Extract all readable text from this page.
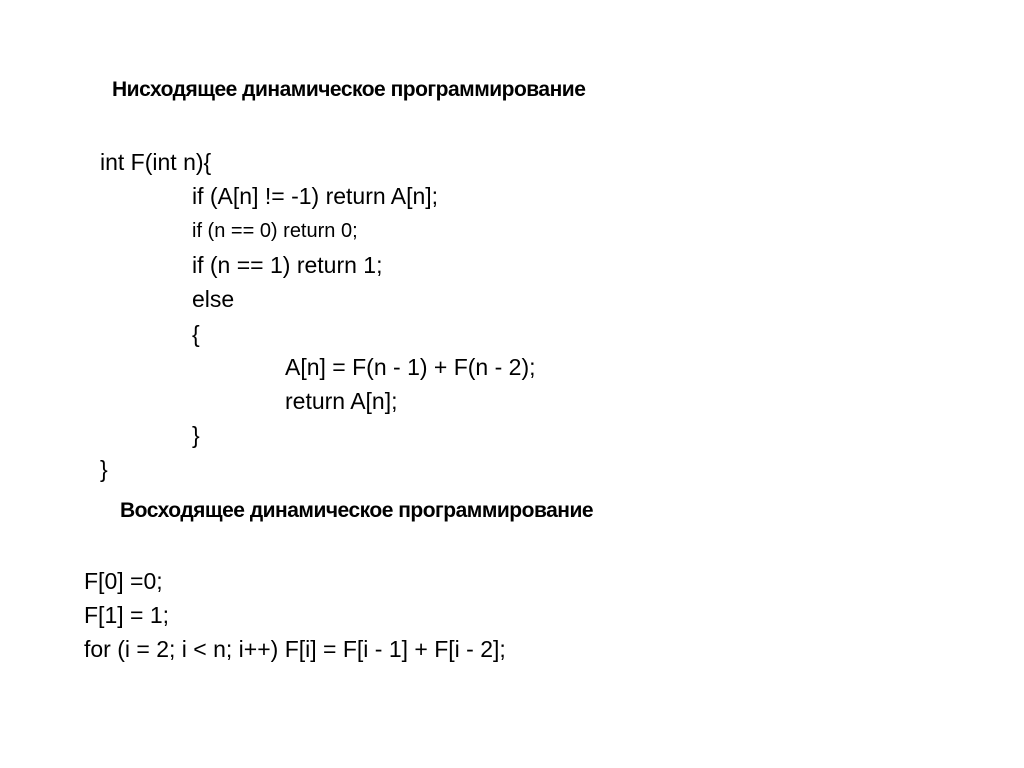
Нисходящее динамическое программирование
int F(int n){
if (A[n] != -1) return A[n];
if (n == 0) return 0;
if (n == 1) return 1;
else
{
A[n] = F(n - 1) + F(n - 2);
return A[n];
}
}
Восходящее динамическое программирование
F[0] =0;
F[1] = 1;
for (i = 2; i < n; i++) F[i] = F[i - 1] + F[i - 2];
